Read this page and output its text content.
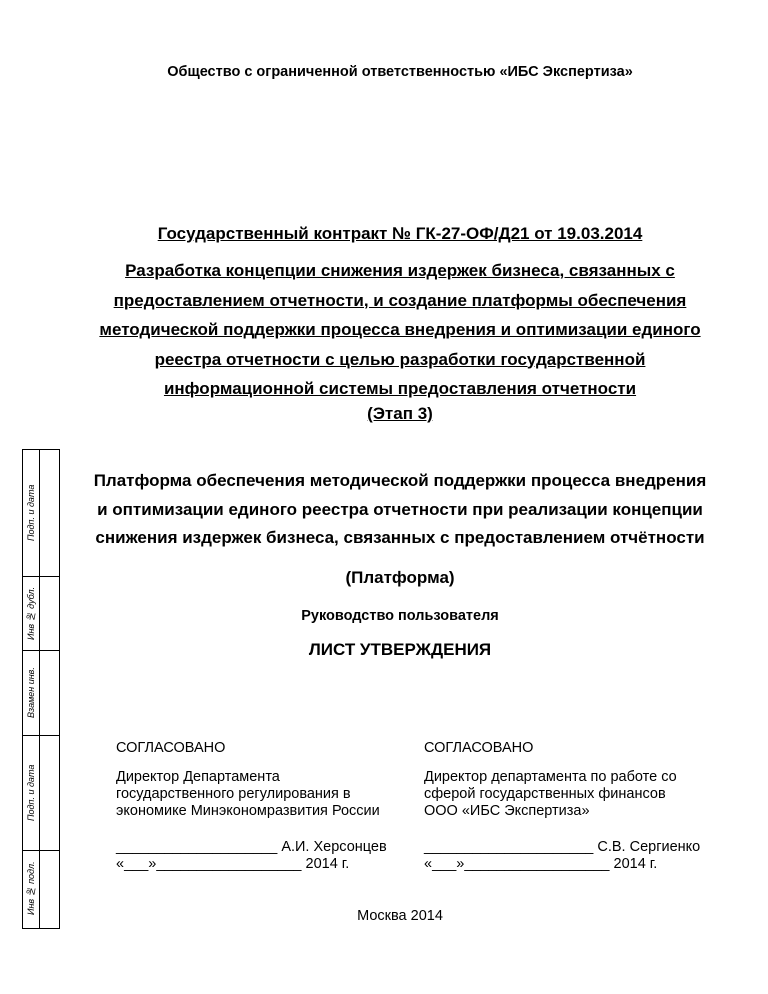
Общество с ограниченной ответственностью «ИБС Экспертиза»
Государственный контракт № ГК-27-ОФ/Д21 от 19.03.2014
Разработка концепции снижения издержек бизнеса, связанных с
предоставлением отчетности, и создание платформы обеспечения
методической поддержки процесса внедрения и оптимизации единого
реестра отчетности с целью разработки государственной
информационной системы предоставления отчетности
(Этап 3)
Платформа обеспечения методической поддержки процесса внедрения
и оптимизации единого реестра отчетности при реализации концепции
снижения издержек бизнеса, связанных с предоставлением отчётности
(Платформа)
Руководство пользователя
ЛИСТ УТВЕРЖДЕНИЯ
СОГЛАСОВАНО
Директор Департамента
государственного регулирования в
экономике Минэкономразвития России
СОГЛАСОВАНО
Директор департамента по работе со
сферой государственных финансов
ООО «ИБС Экспертиза»
____________________ А.И. Херсонцев
«___»__________________ 2014 г.
_____________________ С.В. Сергиенко
«___»__________________ 2014 г.
Москва 2014
Подп. и дата
Инв № дубл.
Взамен инв.
Подп. и дата
Инв № подл.
